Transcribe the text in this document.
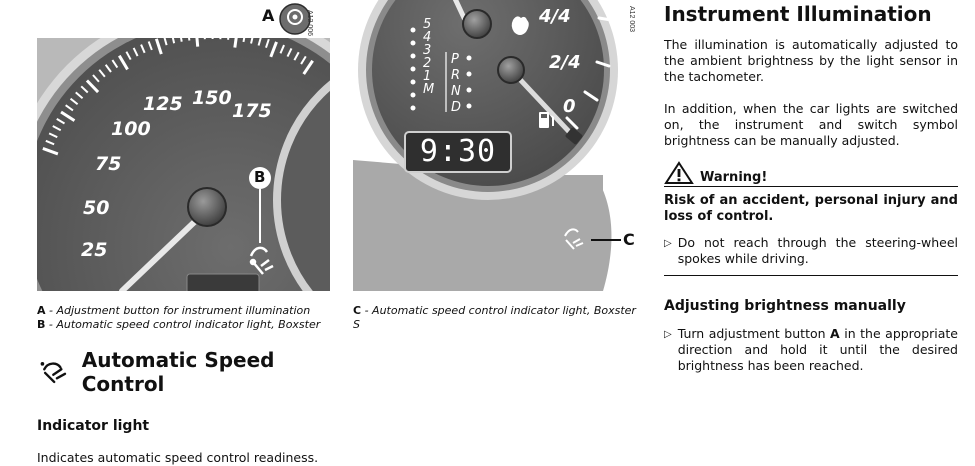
25
50
75
100
125 150
175
A
B
A12 006	4/4
2/4
0
5
4
3
2
1
M
P
R
N
D
9:30
C
A12 003
A - Adjustment button for instrument illumination
B - Automatic speed control indicator light, Boxster
C - Automatic speed control indicator light, Boxster S
Automatic Speed Control
Indicator light
Indicates automatic speed control readiness.
Instrument Illumination
The illumination is automatically adjusted to the ambient brightness by the light sensor in the tachometer.
In addition, when the car lights are switched on, the instrument and switch symbol brightness can be manually adjusted.
Warning!
Risk of an accident, personal injury and loss of control.
▷ Do not reach through the steering-wheel spokes while driving.
Adjusting brightness manually
▷ Turn adjustment button A in the appropriate direction and hold it until the desired brightness has been reached.
